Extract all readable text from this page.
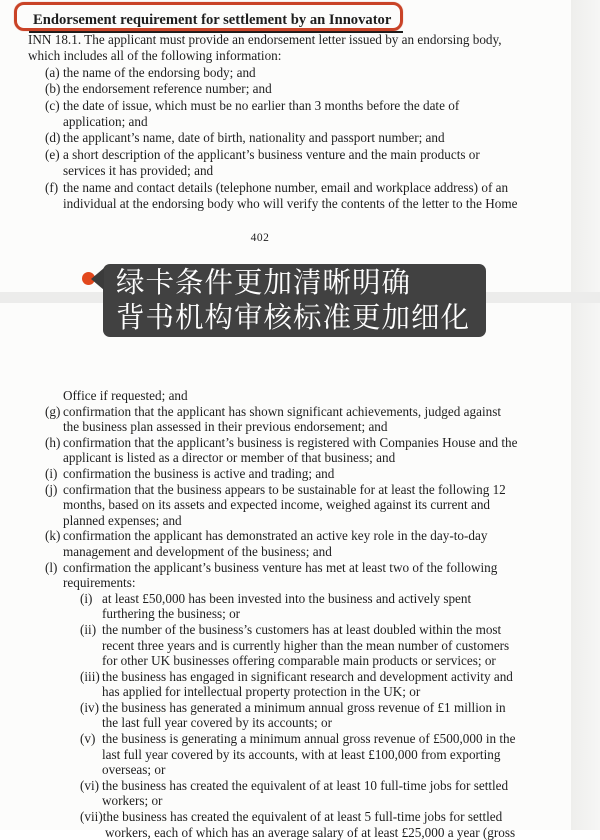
Endorsement requirement for settlement by an Innovator
INN 18.1. The applicant must provide an endorsement letter issued by an endorsing body,
which includes all of the following information:
(a) the name of the endorsing body; and
(b) the endorsement reference number; and
(c) the date of issue, which must be no earlier than 3 months before the date of
application; and
(d) the applicant’s name, date of birth, nationality and passport number; and
(e) a short description of the applicant’s business venture and the main products or
services it has provided; and
(f) the name and contact details (telephone number, email and workplace address) of an
individual at the endorsing body who will verify the contents of the letter to the Home
402
Office if requested; and
(g) confirmation that the applicant has shown significant achievements, judged against
the business plan assessed in their previous endorsement; and
(h) confirmation that the applicant’s business is registered with Companies House and the
applicant is listed as a director or member of that business; and
(i) confirmation the business is active and trading; and
(j) confirmation that the business appears to be sustainable for at least the following 12
months, based on its assets and expected income, weighed against its current and
planned expenses; and
(k) confirmation the applicant has demonstrated an active key role in the day-to-day
management and development of the business; and
(l) confirmation the applicant’s business venture has met at least two of the following
requirements:
(i) at least £50,000 has been invested into the business and actively spent
furthering the business; or
(ii) the number of the business’s customers has at least doubled within the most
recent three years and is currently higher than the mean number of customers
for other UK businesses offering comparable main products or services; or
(iii) the business has engaged in significant research and development activity and
has applied for intellectual property protection in the UK; or
(iv) the business has generated a minimum annual gross revenue of £1 million in
the last full year covered by its accounts; or
(v) the business is generating a minimum annual gross revenue of £500,000 in the
last full year covered by its accounts, with at least £100,000 from exporting
overseas; or
(vi) the business has created the equivalent of at least 10 full-time jobs for settled
workers; or
(vii) the business has created the equivalent of at least 5 full-time jobs for settled
workers, each of which has an average salary of at least £25,000 a year (gross
绿卡条件更加清晰明确
背书机构审核标准更加细化
